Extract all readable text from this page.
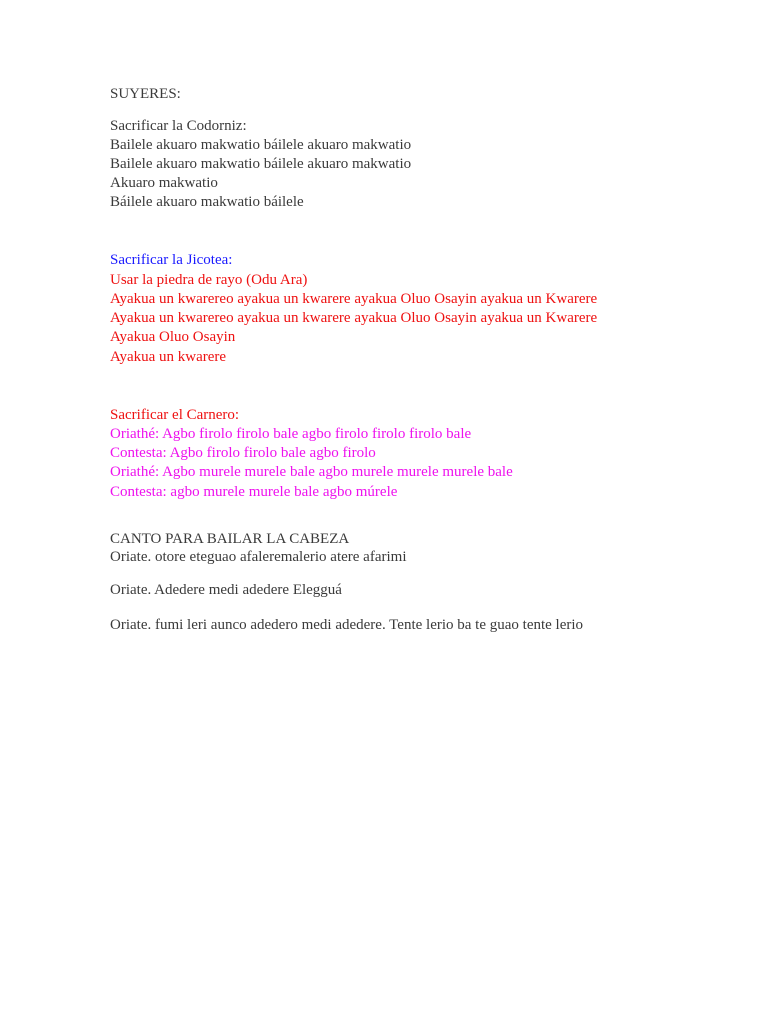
SUYERES:
Sacrificar la Codorniz:
Bailele akuaro makwatio báilele akuaro makwatio
Bailele akuaro makwatio báilele akuaro makwatio
Akuaro makwatio
Báilele akuaro makwatio báilele
Sacrificar la Jicotea:
Usar la piedra de rayo (Odu Ara)
Ayakua un kwarereo ayakua un kwarere ayakua Oluo Osayin ayakua un Kwarere
Ayakua un kwarereo ayakua un kwarere ayakua Oluo Osayin ayakua un Kwarere
Ayakua Oluo Osayin
Ayakua un kwarere
Sacrificar el Carnero:
Oriathé: Agbo firolo firolo bale agbo firolo firolo firolo bale
Contesta: Agbo firolo firolo bale agbo firolo
Oriathé: Agbo murele murele bale agbo murele murele murele bale
Contesta: agbo murele murele bale agbo múrele
CANTO PARA BAILAR LA CABEZA
Oriate. otore eteguao afaleremalerio atere afarimi
Oriate. Adedere medi adedere Elegguá
Oriate. fumi leri aunco adedero medi adedere. Tente lerio ba te guao tente lerio
